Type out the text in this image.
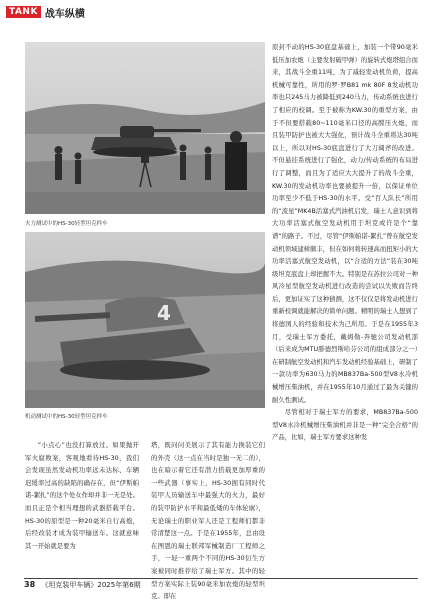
TANK 战车纵横
火力测试中的HS-30轻型坦克样车
4
机动测试中的HS-30轻型坦克样车

“小点心”也没打算放过。如果抛开军火腐败案，客观地看待HS-30，我们会发现虽然发动机功率远未达标、车辆迟缓率过高的缺陷的确存在，但“伊斯帕诺-絮扎”的这个处女作却并非一无是处。而且正是个相当理想的武器搭载平台。HS-30的原型是一种20毫米自行高炮，后经改装才成为装甲输送车。这就意味其一开始就是要为

塔，既问问美展示了其有能力换装它们的外壳（这一点在当时是独一无二的），也在暗示着它还有潜力搭载更加厚重的一些武器（事实上，HS-30拥有同时代装甲人员输送车中最强大的火力，最好的装甲防护水平和最低矮的车体轮廓），无论瑞士的职业军人还是工程师们都非常清楚这一点。于是在1955年，总由设在图恩的瑞士联邦军械制造厂工程师之手，一轻一重两个不同的HS-30衍生方案被同时推荐给了瑞士军方。其中的轻型方案实际上装90毫米加农炮的轻型坦克。即在

原封不动的HS-30底盘基础上，加装一个带90毫米低压加农炮（主要发射破甲弹）的旋转式炮塔组合而来，其战斗全重11吨，为了减轻发动机负荷，提高机械可靠性，所用的罗·罗B81 mk 80F 8发动机功率也只245马力被降低到240马力，传动系统也进行了相应的校调。至于被称为KW.30的重型方案，由于不但要搭载80~110毫米口径的高膛压火炮，而且装甲防护也被大大强化，预计战斗全重将达30吨以上，所以对HS-30底盘进行了大刀阔斧的改进。不但悬挂系统进行了强化，动力/传动系统的布局进行了调整，而且为了适应大大提升了的战斗全重，KW.30的发动机功率也要被提升一倍，以保证单位功率至少不低于HS-30的水平。受“百人队长”所用的“流星”MK4B活塞式汽油机启发，瑞士人意识到将大功率活塞式航空发动机用于坦克或许是个“靠谱”的路子。不过，尽管“伊斯帕诺-絮扎”曾在航空发动机领域建树颇丰，但在如何将转速高而扭矩小的大功率活塞式航空发动机，以“合适的方法”装在30吨级坦克底盘上却把握不大。特别是在苏拉公司对一种风冷星型航空发动机进行改造的尝试以失败而告终后，更加证实了这种猜测，这不仅仅是将发动机进行重新校调就能解决的简单问题。精明的瑞士人想到了将德国人的经验和技术为己所用。于是在1955年3月，受瑞士军方委托，戴姆勒-奔驰公司发动机部（后来成为MTU腓德烈斯哈芬公司的组成部分之一）在研制航空发动机和汽车发动机经验基础上，研制了一款功率为630马力的MB837Ba-500型V8水冷机械增压柴油机，并在1955年10月通过了最为关键的耐久性测试。

尽管相对于瑞士军方的要求，MB837Ba-500型V8水冷机械增压柴油机并非是一种“完全合格”的产品，比如，瑞士军方要求这种发

38 《坦克装甲车辆》2025年第6期
